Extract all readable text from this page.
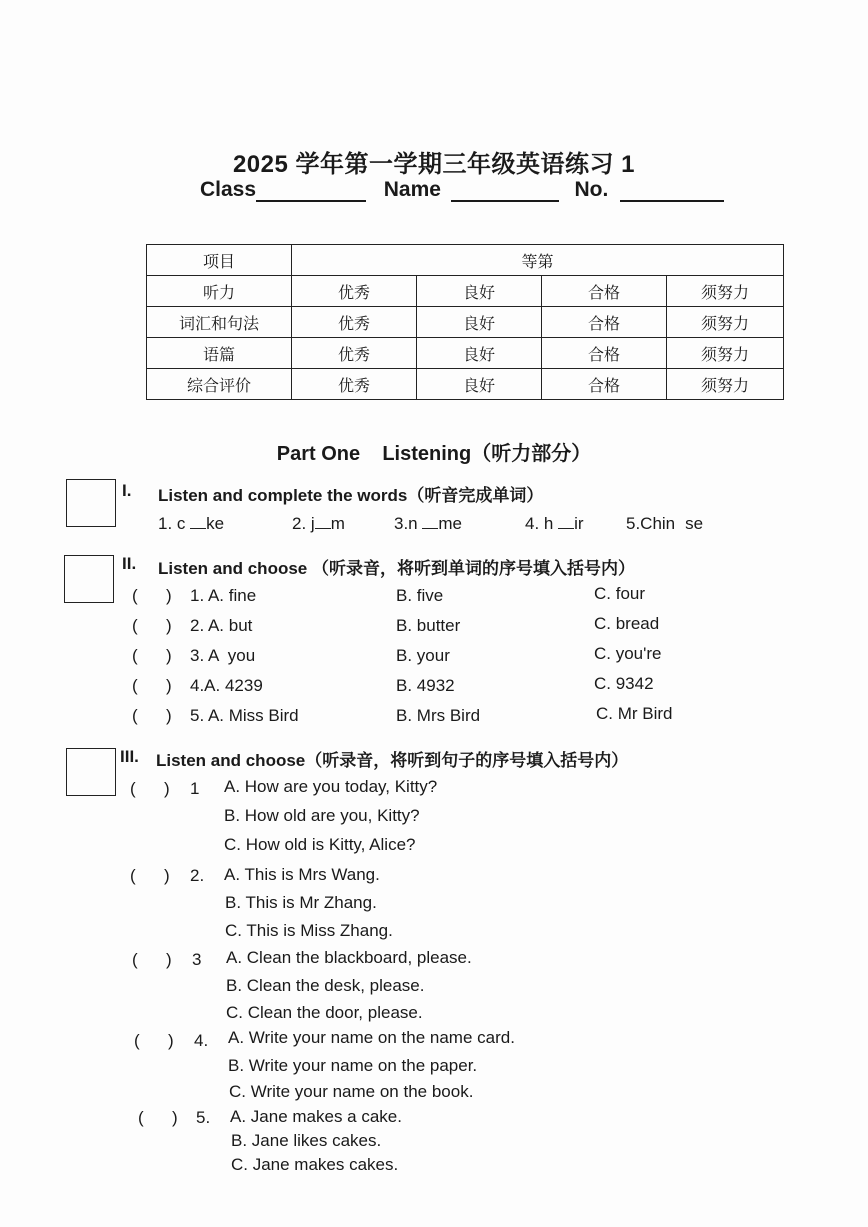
2025 学年第一学期三年级英语练习 1
Class	Name	No.
项目	等第			
听力	优秀	良好	合格	须努力
词汇和句法	优秀	良好	合格	须努力
语篇	优秀	良好	合格	须努力
综合评价	优秀	良好	合格	须努力
Part One    Listening（听力部分）
I. Listen and complete the words（听音完成单词）
1. c ke	2. j m	3.n me	4. h ir 5.Chin se
II. Listen and choose （听录音，将听到单词的序号填入括号内）
(      ) 1. A. fine	B. five	C. four
(      ) 2. A. but	B. butter	C. bread
(      ) 3. A  you	B. your	C. you're
(      ) 4.A. 4239	B. 4932	C. 9342
(      ) 5. A. Miss Bird	B. Mrs Bird	C. Mr Bird
III. Listen and choose（听录音，将听到句子的序号填入括号内）
(      ) 1 A. How are you today, Kitty?
B. How old are you, Kitty?
C. How old is Kitty, Alice?
(      ) 2. A. This is Mrs Wang.
B. This is Mr Zhang.
C. This is Miss Zhang.
(      ) 3 A. Clean the blackboard, please.
B. Clean the desk, please.
C. Clean the door, please.
(      ) 4. A. Write your name on the name card.
B. Write your name on the paper.
C. Write your name on the book.
(      ) 5. A. Jane makes a cake.
B. Jane likes cakes.
C. Jane makes cakes.
